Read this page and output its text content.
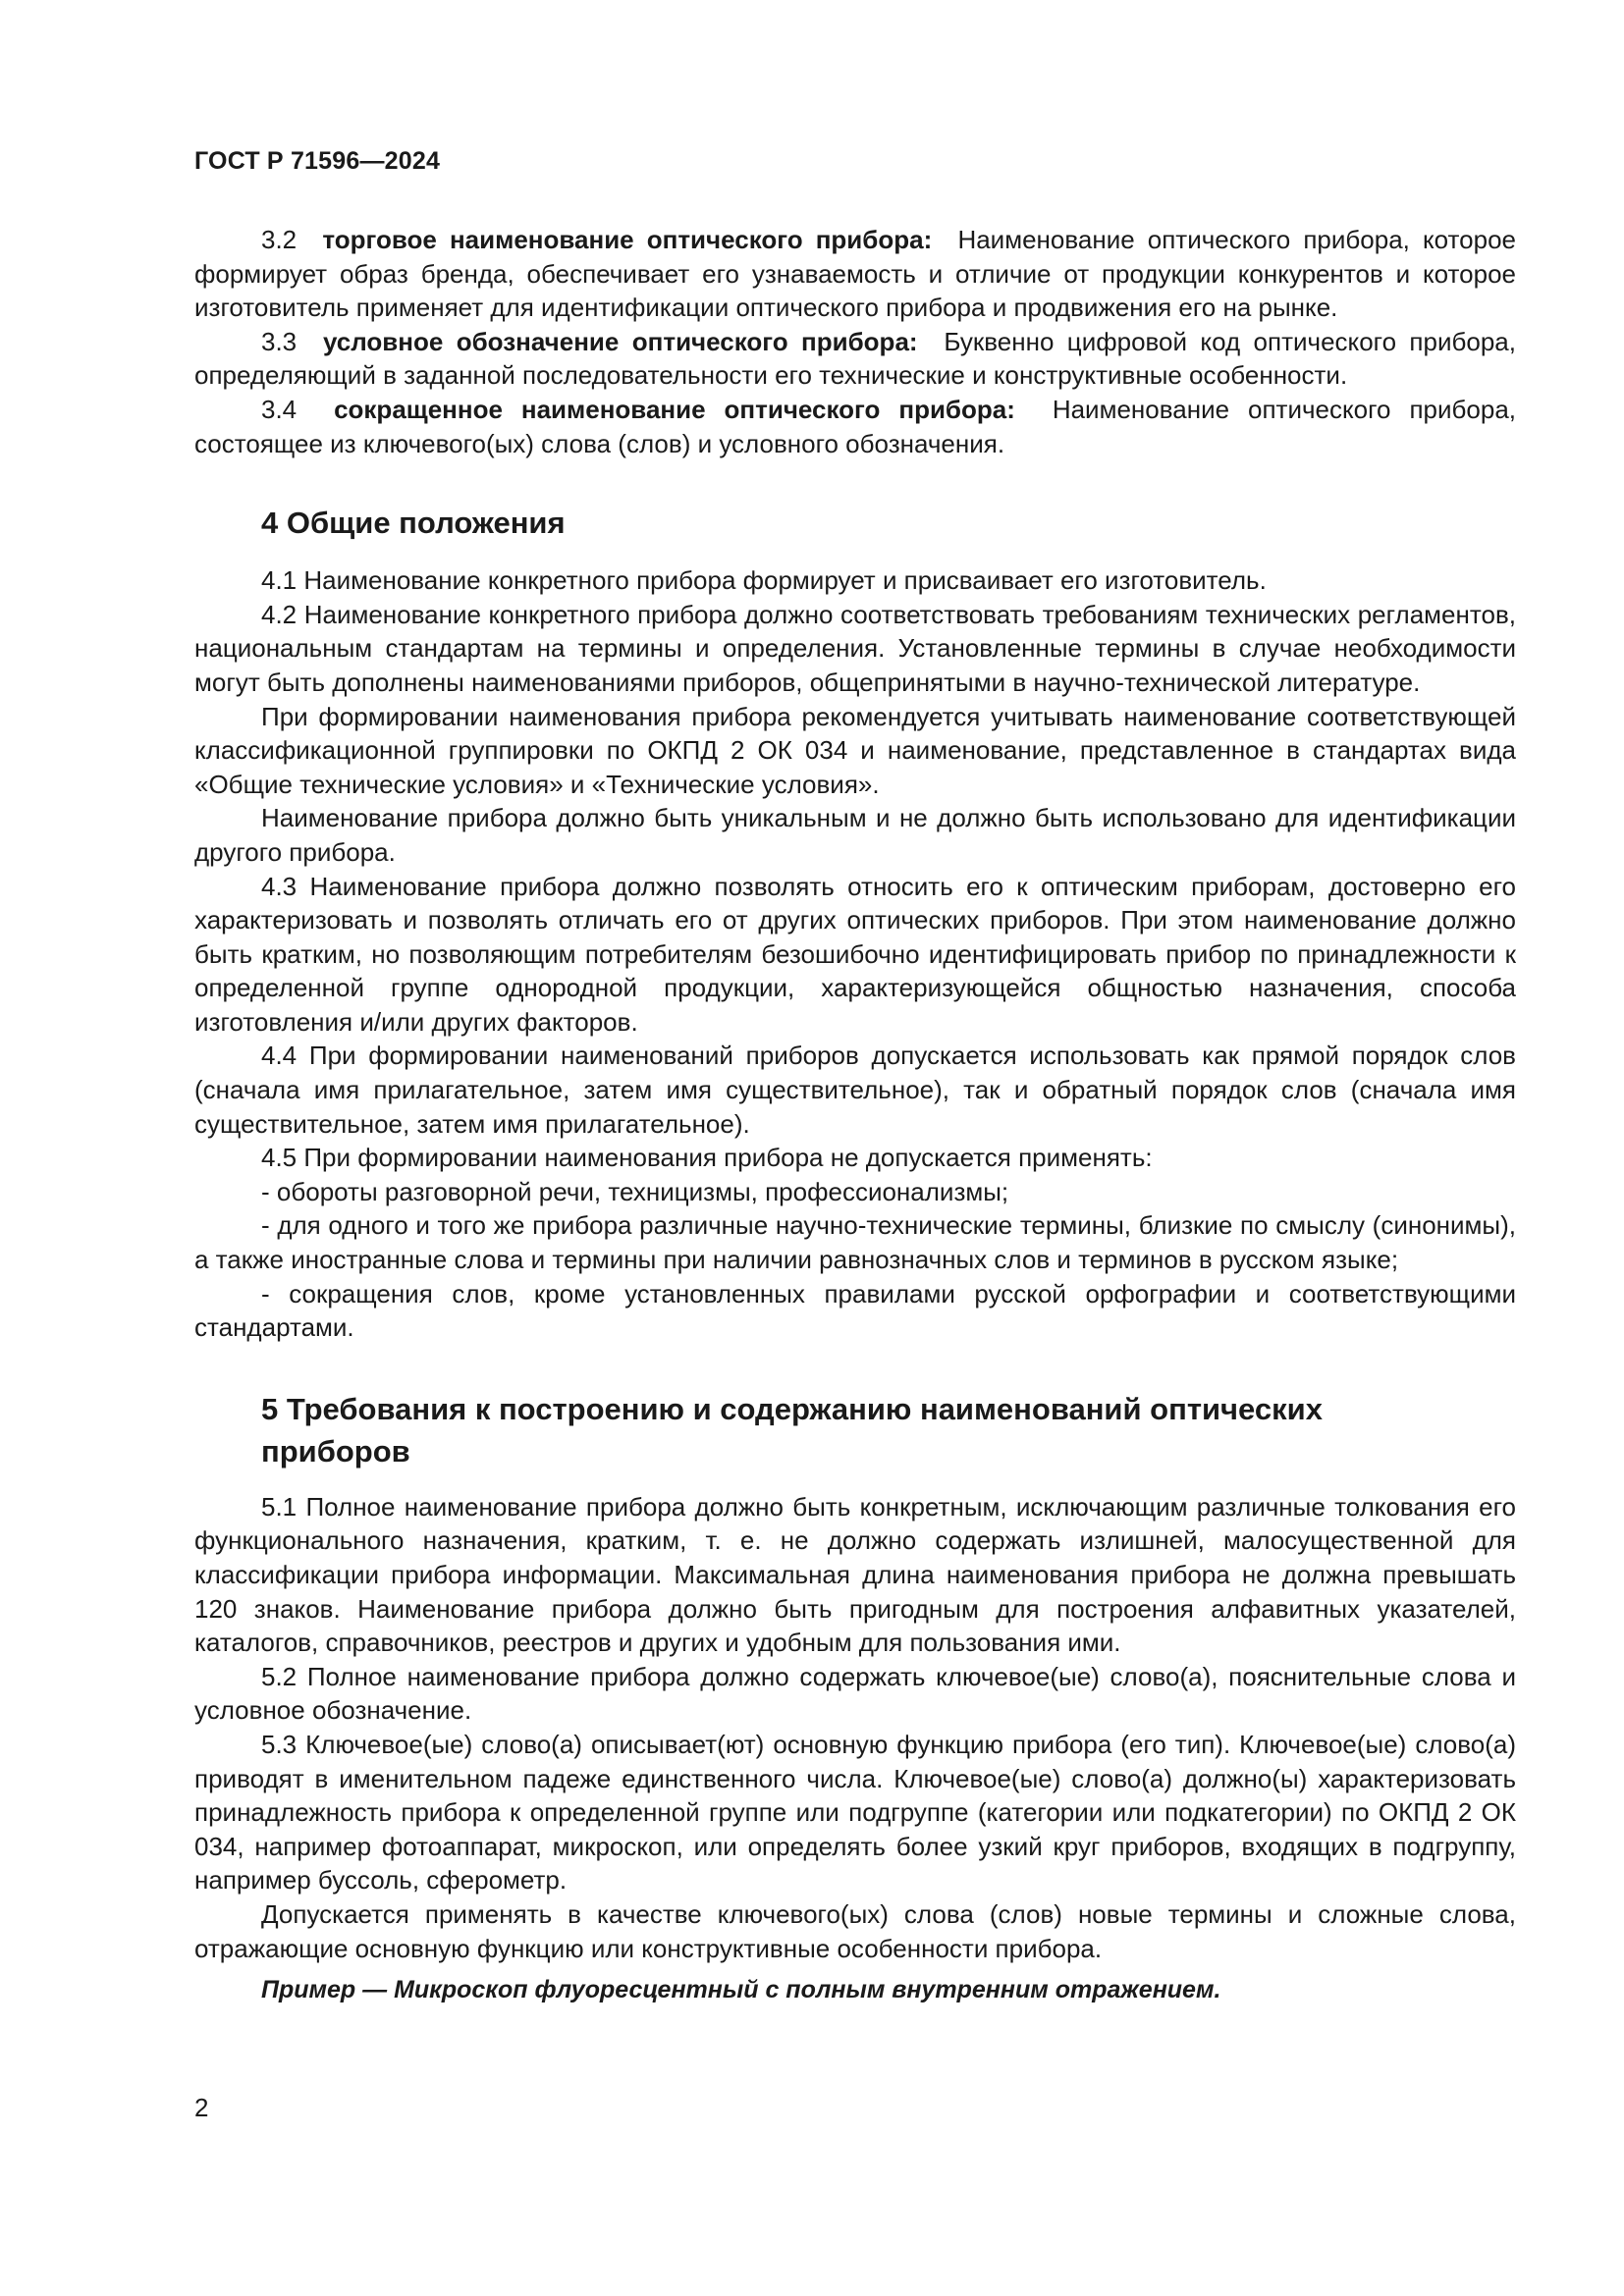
ГОСТ Р 71596—2024

3.2 торговое наименование оптического прибора: Наименование оптического прибора, которое формирует образ бренда, обеспечивает его узнаваемость и отличие от продукции конкурентов и которое изготовитель применяет для идентификации оптического прибора и продвижения его на рынке.

3.3 условное обозначение оптического прибора: Буквенно цифровой код оптического прибора, определяющий в заданной последовательности его технические и конструктивные особенности.

3.4 сокращенное наименование оптического прибора: Наименование оптического прибора, состоящее из ключевого(ых) слова (слов) и условного обозначения.

4 Общие положения

4.1 Наименование конкретного прибора формирует и присваивает его изготовитель.

4.2 Наименование конкретного прибора должно соответствовать требованиям технических регламентов, национальным стандартам на термины и определения. Установленные термины в случае необходимости могут быть дополнены наименованиями приборов, общепринятыми в научно-технической литературе.

При формировании наименования прибора рекомендуется учитывать наименование соответствующей классификационной группировки по ОКПД 2 ОК 034 и наименование, представленное в стандартах вида «Общие технические условия» и «Технические условия».

Наименование прибора должно быть уникальным и не должно быть использовано для идентификации другого прибора.

4.3 Наименование прибора должно позволять относить его к оптическим приборам, достоверно его характеризовать и позволять отличать его от других оптических приборов. При этом наименование должно быть кратким, но позволяющим потребителям безошибочно идентифицировать прибор по принадлежности к определенной группе однородной продукции, характеризующейся общностью назначения, способа изготовления и/или других факторов.

4.4 При формировании наименований приборов допускается использовать как прямой порядок слов (сначала имя прилагательное, затем имя существительное), так и обратный порядок слов (сначала имя существительное, затем имя прилагательное).

4.5 При формировании наименования прибора не допускается применять:

- обороты разговорной речи, техницизмы, профессионализмы;

- для одного и того же прибора различные научно-технические термины, близкие по смыслу (синонимы), а также иностранные слова и термины при наличии равнозначных слов и терминов в русском языке;

- сокращения слов, кроме установленных правилами русской орфографии и соответствующими стандартами.

5 Требования к построению и содержанию наименований оптических приборов

5.1 Полное наименование прибора должно быть конкретным, исключающим различные толкования его функционального назначения, кратким, т. е. не должно содержать излишней, малосущественной для классификации прибора информации. Максимальная длина наименования прибора не должна превышать 120 знаков. Наименование прибора должно быть пригодным для построения алфавитных указателей, каталогов, справочников, реестров и других и удобным для пользования ими.

5.2 Полное наименование прибора должно содержать ключевое(ые) слово(а), пояснительные слова и условное обозначение.

5.3 Ключевое(ые) слово(а) описывает(ют) основную функцию прибора (его тип). Ключевое(ые) слово(а) приводят в именительном падеже единственного числа. Ключевое(ые) слово(а) должно(ы) характеризовать принадлежность прибора к определенной группе или подгруппе (категории или подкатегории) по ОКПД 2 ОК 034, например фотоаппарат, микроскоп, или определять более узкий круг приборов, входящих в подгруппу, например буссоль, сферометр.

Допускается применять в качестве ключевого(ых) слова (слов) новые термины и сложные слова, отражающие основную функцию или конструктивные особенности прибора.

Пример — Микроскоп флуоресцентный с полным внутренним отражением.

2
